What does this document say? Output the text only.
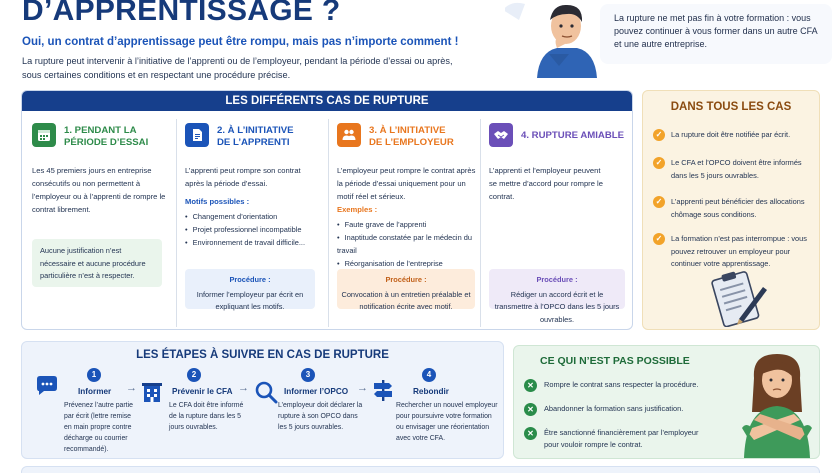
D’APPRENTISSAGE ?
Oui, un contrat d’apprentissage peut être rompu, mais pas n’importe comment !
La rupture peut intervenir à l’initiative de l’apprenti ou de l’employeur, pendant la période d’essai ou après, sous certaines conditions et en respectant une procédure précise.
La rupture ne met pas fin à votre formation : vous pouvez continuer à vous former dans un autre CFA et une autre entreprise.
LES DIFFÉRENTS CAS DE RUPTURE
1. PENDANT LA
PÉRIODE D’ESSAI
Les 45 premiers jours en entreprise consécutifs ou non permettent à l’employeur ou à l’apprenti de rompre le contrat librement.
Aucune justification n’est nécessaire et aucune procédure particulière n’est à respecter.
2. À L’INITIATIVE
DE L’APPRENTI
L’apprenti peut rompre son contrat après la période d’essai.
Motifs possibles :
• Changement d’orientation
• Projet professionnel incompatible
• Environnement de travail difficile...
Procédure :
Informer l’employeur par écrit en expliquant les motifs.
3. À L’INITIATIVE
DE L’EMPLOYEUR
L’employeur peut rompre le contrat après la période d’essai uniquement pour un motif réel et sérieux.
Exemples :
• Faute grave de l’apprenti
• Inaptitude constatée par le médecin du travail
• Réorganisation de l’entreprise
•
Procédure :
Convocation à un entretien préalable et notification écrite avec motif.
4. RUPTURE AMIABLE
L’apprenti et l’employeur peuvent se mettre d’accord pour rompre le contrat.
Procédure :
Rédiger un accord écrit et le transmettre à l’OPCO dans les 5 jours ouvrables.
DANS TOUS LES CAS
✓	La rupture doit être notifiée par écrit.
✓	Le CFA et l’OPCO doivent être informés dans les 5 jours ouvrables.
✓	L’apprenti peut bénéficier des allocations chômage sous conditions.
✓	La formation n’est pas interrompue : vous pouvez retrouver un employeur pour continuer votre apprentissage.
LES ÉTAPES À SUIVRE EN CAS DE RUPTURE
1
Informer
Prévenez l’autre partie par écrit (lettre remise en main propre contre décharge ou courrier recommandé).
→
2
Prévenir le CFA
Le CFA doit être informé de la rupture dans les 5 jours ouvrables.
→
3
Informer l’OPCO
L’employeur doit déclarer la rupture à son OPCO dans les 5 jours ouvrables.
→
4
Rebondir
Rechercher un nouvel employeur pour poursuivre votre formation ou envisager une réorientation avec votre CFA.
CE QUI N’EST PAS POSSIBLE
✕	Rompre le contrat sans respecter la procédure.
✕	Abandonner la formation sans justification.
✕	Être sanctionné financièrement par l’employeur pour vouloir rompre le contrat.
